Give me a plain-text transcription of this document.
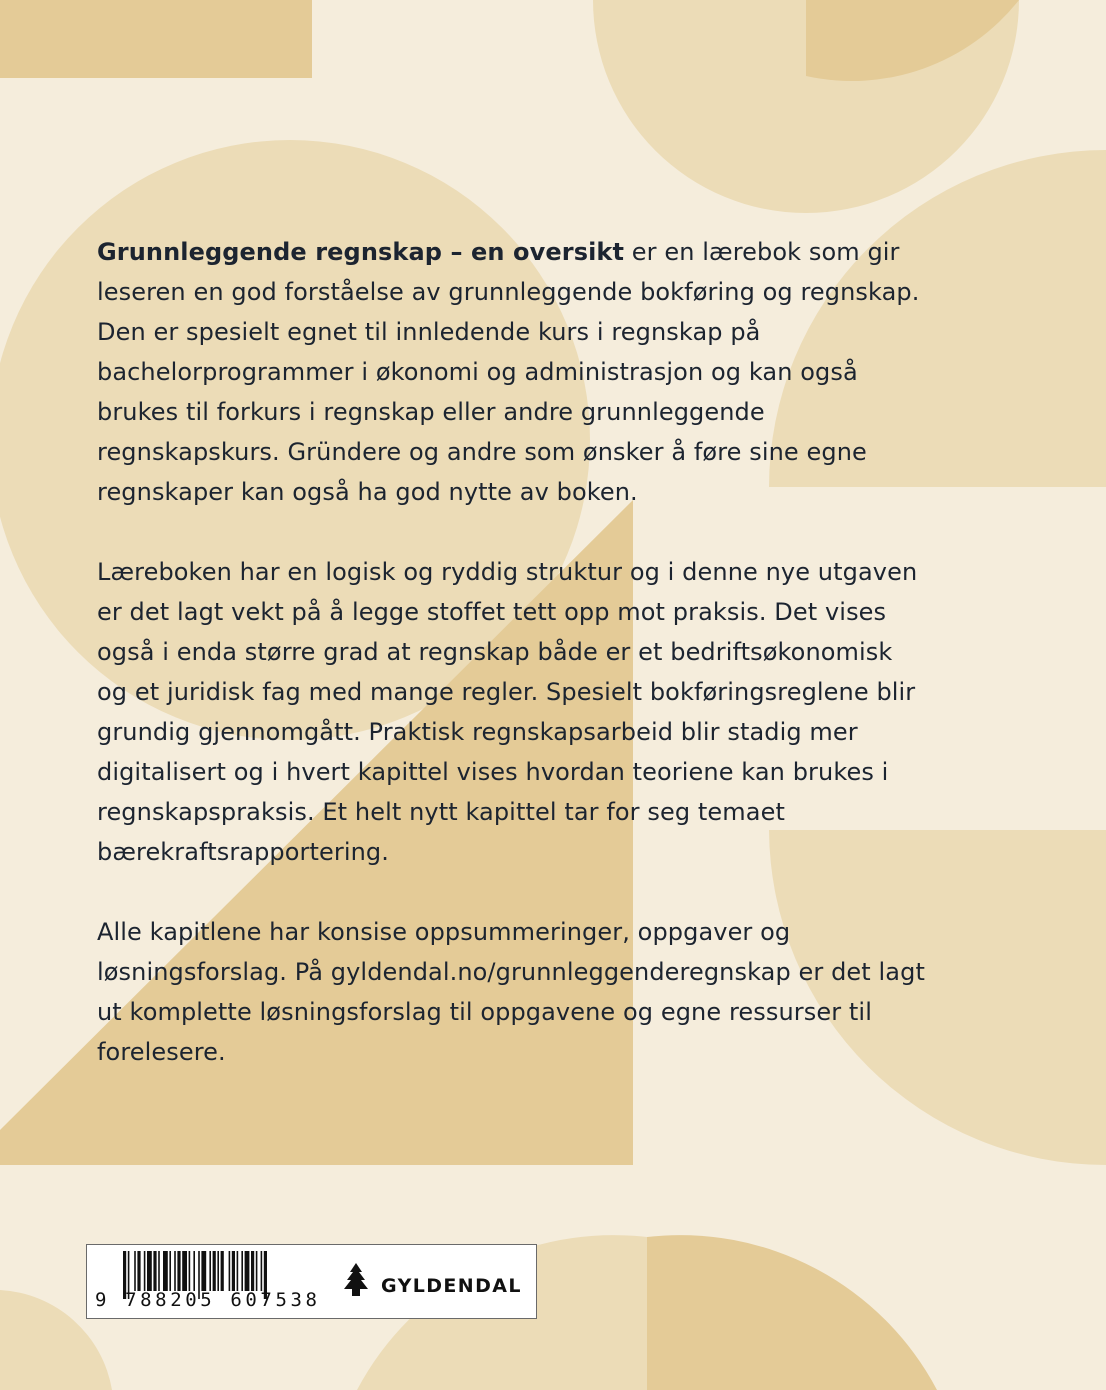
Grunnleggende regnskap – en oversikt er en lærebok som gir leseren en god forståelse av grunnleggende bokføring og regnskap. Den er spesielt egnet til innledende kurs i regnskap på bachelorprogrammer i økonomi og administrasjon og kan også brukes til forkurs i regnskap eller andre grunnleggende regnskapskurs. Gründere og andre som ønsker å føre sine egne regnskaper kan også ha god nytte av boken.

Læreboken har en logisk og ryddig struktur og i denne nye utgaven er det lagt vekt på å legge stoffet tett opp mot praksis. Det vises også i enda større grad at regnskap både er et bedriftsøkonomisk og et juridisk fag med mange regler. Spesielt bokføringsreglene blir grundig gjennomgått. Praktisk regnskapsarbeid blir stadig mer digitalisert og i hvert kapittel vises hvordan teoriene kan brukes i regnskapspraksis. Et helt nytt kapittel tar for seg temaet bærekraftsrapportering.

Alle kapitlene har konsise oppsummeringer, oppgaver og løsningsforslag. På gyldendal.no/grunnleggenderegnskap er det lagt ut komplette løsningsforslag til oppgavene og egne ressurser til forelesere.

9 788205 607538
GYLDENDAL
